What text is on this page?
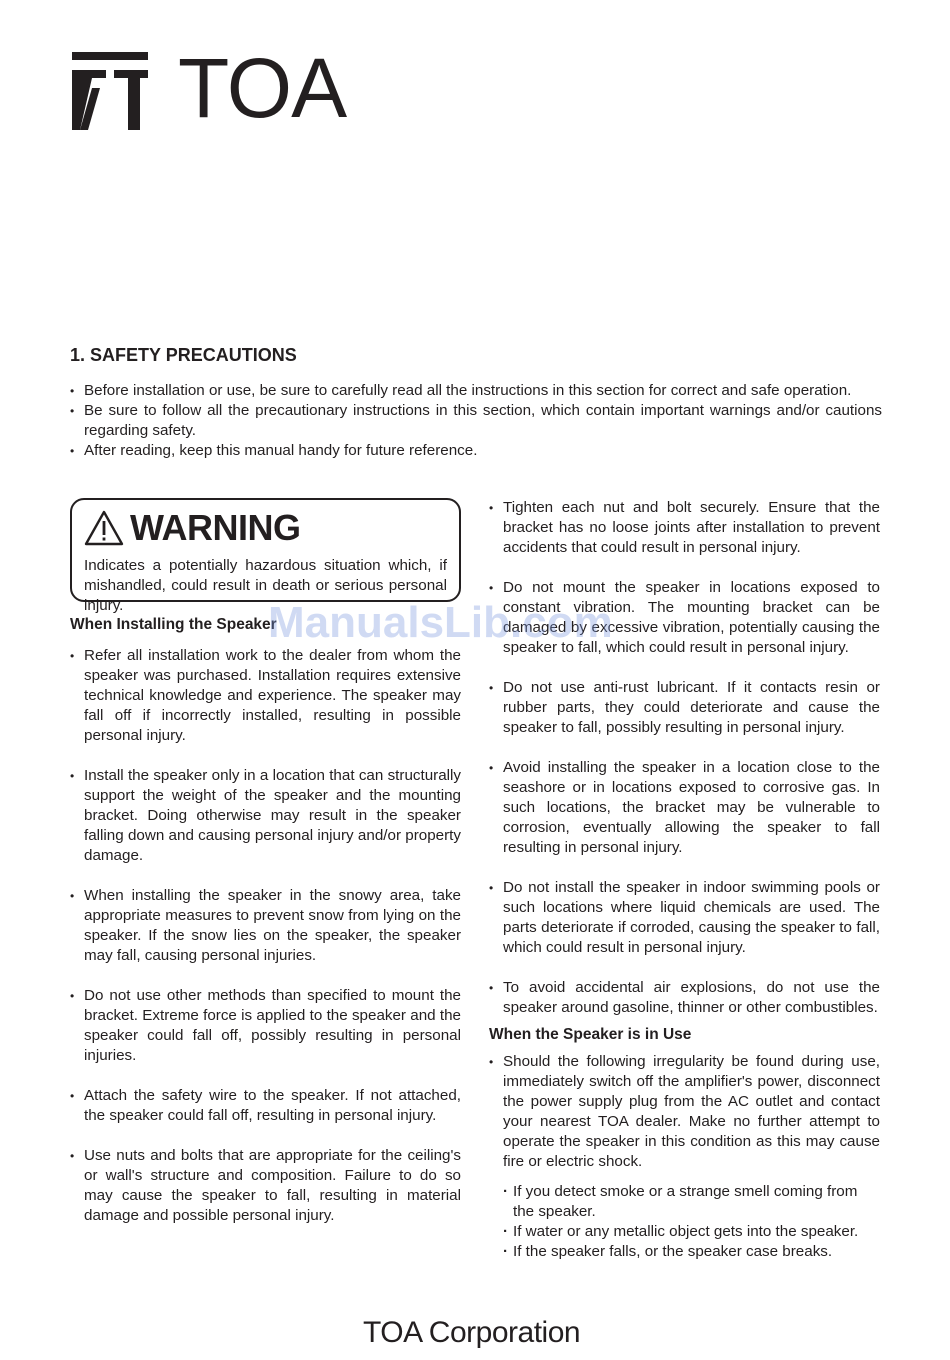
TOA
1. SAFETY PRECAUTIONS
• Before installation or use, be sure to carefully read all the instructions in this section for correct and safe operation.
• Be sure to follow all the precautionary instructions in this section, which contain important warnings and/or cautions regarding safety.
• After reading, keep this manual handy for future reference.
WARNING
Indicates a potentially hazardous situation which, if mishandled, could result in death or serious personal injury.
When Installing the Speaker
• Refer all installation work to the dealer from whom the speaker was purchased. Installation requires extensive technical knowledge and experience. The speaker may fall off if incorrectly installed, resulting in possible personal injury.
• Install the speaker only in a location that can structurally support the weight of the speaker and the mounting bracket. Doing otherwise may result in the speaker falling down and causing personal injury and/or property damage.
• When installing the speaker in the snowy area, take appropriate measures to prevent snow from lying on the speaker. If the snow lies on the speaker, the speaker may fall, causing personal injuries.
• Do not use other methods than specified to mount the bracket. Extreme force is applied to the speaker and the speaker could fall off, possibly resulting in personal injuries.
• Attach the safety wire to the speaker. If not attached, the speaker could fall off, resulting in personal injury.
• Use nuts and bolts that are appropriate for the ceiling's or wall's structure and composition. Failure to do so may cause the speaker to fall, resulting in material damage and possible personal injury.
• Tighten each nut and bolt securely. Ensure that the bracket has no loose joints after installation to prevent accidents that could result in personal injury.
• Do not mount the speaker in locations exposed to constant vibration. The mounting bracket can be damaged by excessive vibration, potentially causing the speaker to fall, which could result in personal injury.
• Do not use anti-rust lubricant. If it contacts resin or rubber parts, they could deteriorate and cause the speaker to fall, possibly resulting in personal injury.
• Avoid installing the speaker in a location close to the seashore or in locations exposed to corrosive gas. In such locations, the bracket may be vulnerable to corrosion, eventually allowing the speaker to fall resulting in personal injury.
• Do not install the speaker in indoor swimming pools or such locations where liquid chemicals are used. The parts deteriorate if corroded, causing the speaker to fall, which could result in personal injury.
• To avoid accidental air explosions, do not use the speaker around gasoline, thinner or other combustibles.
When the Speaker is in Use
• Should the following irregularity be found during use, immediately switch off the amplifier's power, disconnect the power supply plug from the AC outlet and contact your nearest TOA dealer. Make no further attempt to operate the speaker in this condition as this may cause fire or electric shock.
· If you detect smoke or a strange smell coming from the speaker.
· If water or any metallic object gets into the speaker.
· If the speaker falls, or the speaker case breaks.
ManualsLib.com
TOA Corporation
